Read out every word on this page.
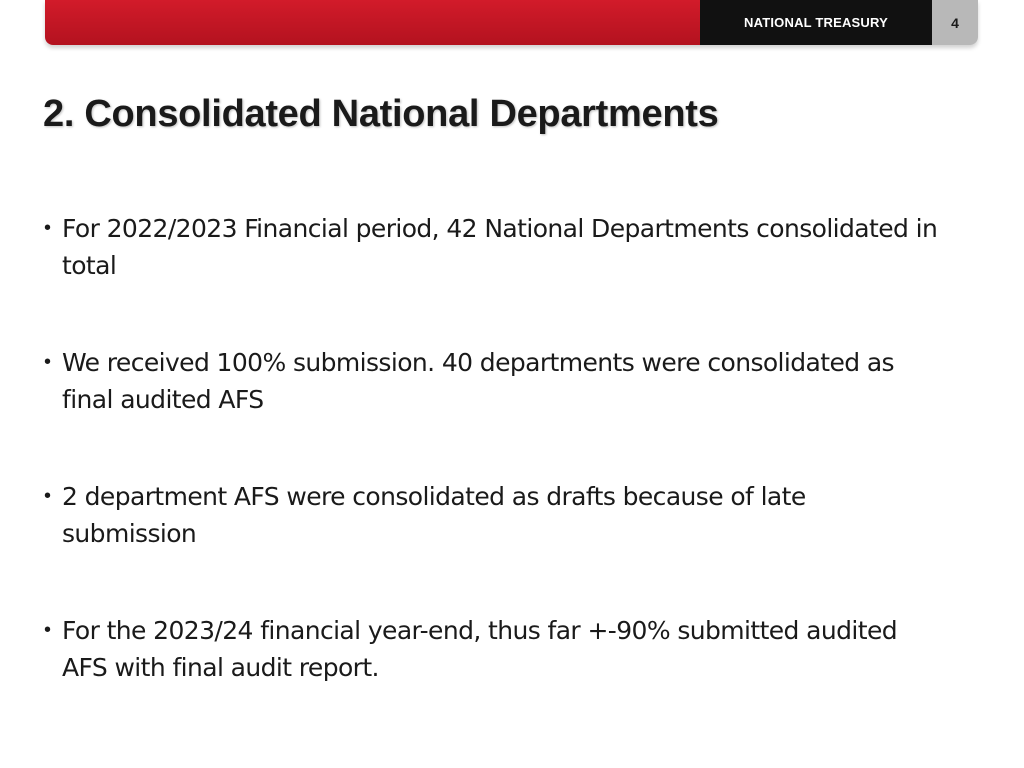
NATIONAL TREASURY	4
2. Consolidated National Departments
• For 2022/2023 Financial period, 42 National Departments consolidated in total
• We received 100% submission. 40 departments were consolidated as final audited AFS
• 2 department AFS were consolidated as drafts because of late submission
• For the 2023/24 financial year-end, thus far +-90% submitted audited AFS with final audit report.
